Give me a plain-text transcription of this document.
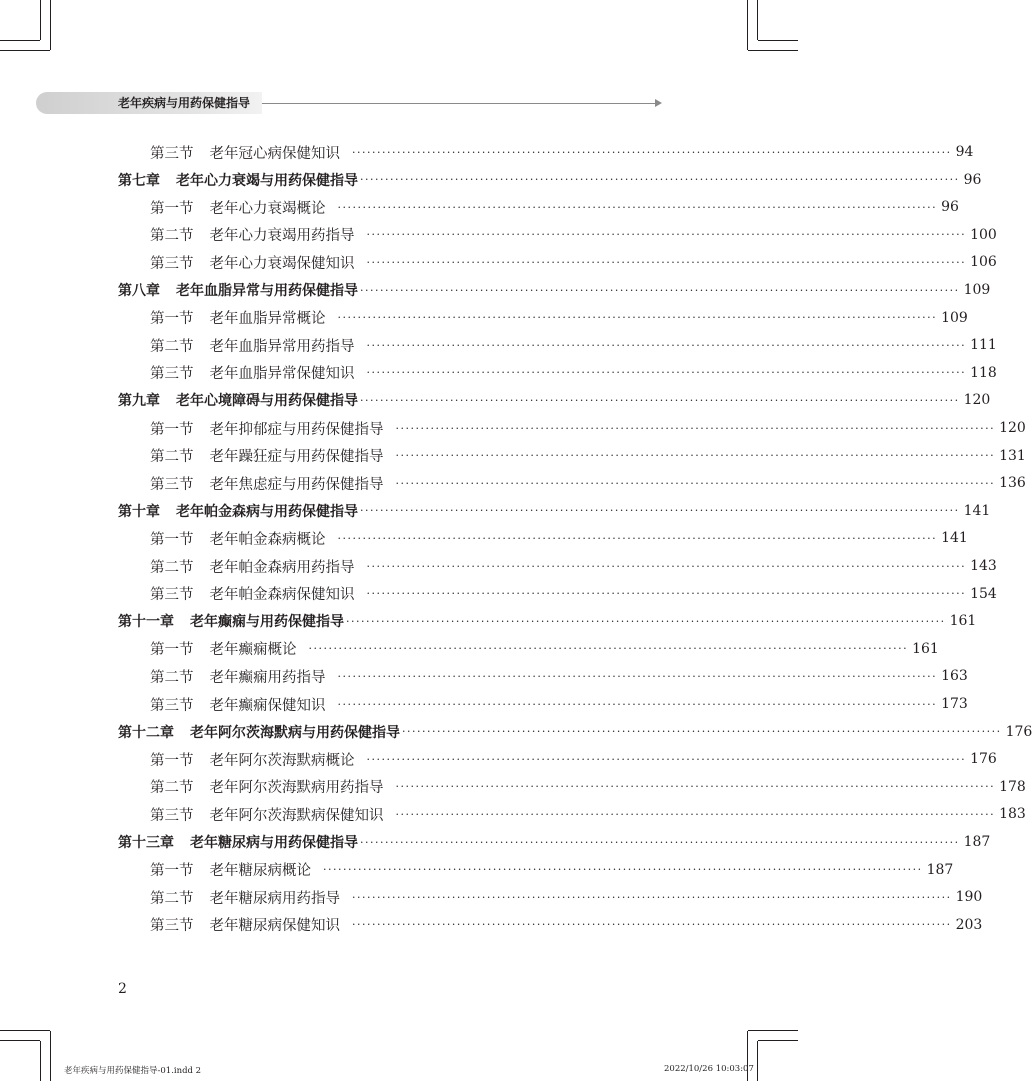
老年疾病与用药保健指导
第三节 老年冠心病保健知识 ························································································································ 94
第七章 老年心力衰竭与用药保健指导 ························································································································ 96
第一节 老年心力衰竭概论 ························································································································ 96
第二节 老年心力衰竭用药指导 ························································································································ 100
第三节 老年心力衰竭保健知识 ························································································································ 106
第八章 老年血脂异常与用药保健指导 ························································································································ 109
第一节 老年血脂异常概论 ························································································································ 109
第二节 老年血脂异常用药指导 ························································································································ 111
第三节 老年血脂异常保健知识 ························································································································ 118
第九章 老年心境障碍与用药保健指导 ························································································································ 120
第一节 老年抑郁症与用药保健指导 ························································································································ 120
第二节 老年躁狂症与用药保健指导 ························································································································ 131
第三节 老年焦虑症与用药保健指导 ························································································································ 136
第十章 老年帕金森病与用药保健指导 ························································································································ 141
第一节 老年帕金森病概论 ························································································································ 141
第二节 老年帕金森病用药指导 ························································································································ 143
第三节 老年帕金森病保健知识 ························································································································ 154
第十一章 老年癫痫与用药保健指导 ························································································································ 161
第一节 老年癫痫概论 ························································································································ 161
第二节 老年癫痫用药指导 ························································································································ 163
第三节 老年癫痫保健知识 ························································································································ 173
第十二章 老年阿尔茨海默病与用药保健指导 ························································································································ 176
第一节 老年阿尔茨海默病概论 ························································································································ 176
第二节 老年阿尔茨海默病用药指导 ························································································································ 178
第三节 老年阿尔茨海默病保健知识 ························································································································ 183
第十三章 老年糖尿病与用药保健指导 ························································································································ 187
第一节 老年糖尿病概论 ························································································································ 187
第二节 老年糖尿病用药指导 ························································································································ 190
第三节 老年糖尿病保健知识 ························································································································ 203
2
老年疾病与用药保健指导-01.indd 2	2022/10/26 10:03:07
